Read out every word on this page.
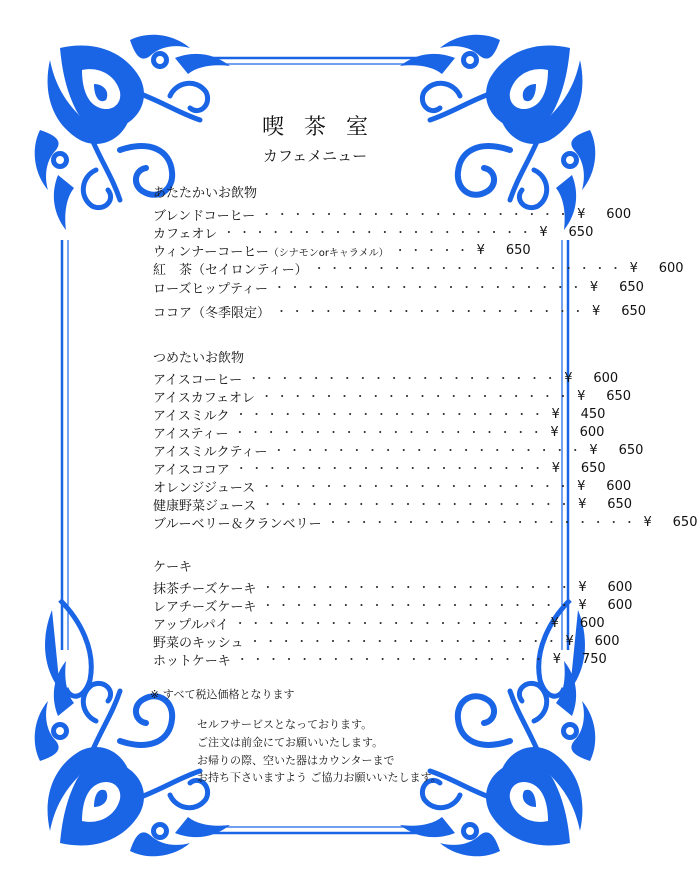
喫茶室
カフェメニュー
あたたかいお飲物
ブレンドコーヒー ・・・・・・・・・・・・・・・・・・・・ ¥	600
カフェオレ ・・・・・・・・・・・・・・・・・・・・ ¥	650
ウィンナーコーヒー（シナモンorキャラメル） ・・・・・ ¥	650
紅　茶（セイロンティー） ・・・・・・・・・・・・・・・・・・・・ ¥	600
ローズヒップティー ・・・・・・・・・・・・・・・・・・・・ ¥	650
ココア（冬季限定） ・・・・・・・・・・・・・・・・・・・・ ¥	650
つめたいお飲物
アイスコーヒー ・・・・・・・・・・・・・・・・・・・・ ¥	600
アイスカフェオレ ・・・・・・・・・・・・・・・・・・・・ ¥	650
アイスミルク ・・・・・・・・・・・・・・・・・・・・ ¥	450
アイスティー ・・・・・・・・・・・・・・・・・・・・ ¥	600
アイスミルクティー ・・・・・・・・・・・・・・・・・・・・ ¥	650
アイスココア ・・・・・・・・・・・・・・・・・・・・ ¥	650
オレンジジュース ・・・・・・・・・・・・・・・・・・・・ ¥	600
健康野菜ジュース ・・・・・・・・・・・・・・・・・・・・ ¥	650
ブルーベリー＆クランベリー ・・・・・・・・・・・・・・・・・・・・ ¥	650
ケーキ
抹茶チーズケーキ ・・・・・・・・・・・・・・・・・・・・ ¥	600
レアチーズケーキ ・・・・・・・・・・・・・・・・・・・・ ¥	600
アップルパイ ・・・・・・・・・・・・・・・・・・・・ ¥	600
野菜のキッシュ ・・・・・・・・・・・・・・・・・・・・ ¥	600
ホットケーキ ・・・・・・・・・・・・・・・・・・・・ ¥	750
※ すべて税込価格となります
セルフサービスとなっております。
ご注文は前金にてお願いいたします。
お帰りの際、空いた器はカウンターまで
お持ち下さいますよう ご協力お願いいたします。
